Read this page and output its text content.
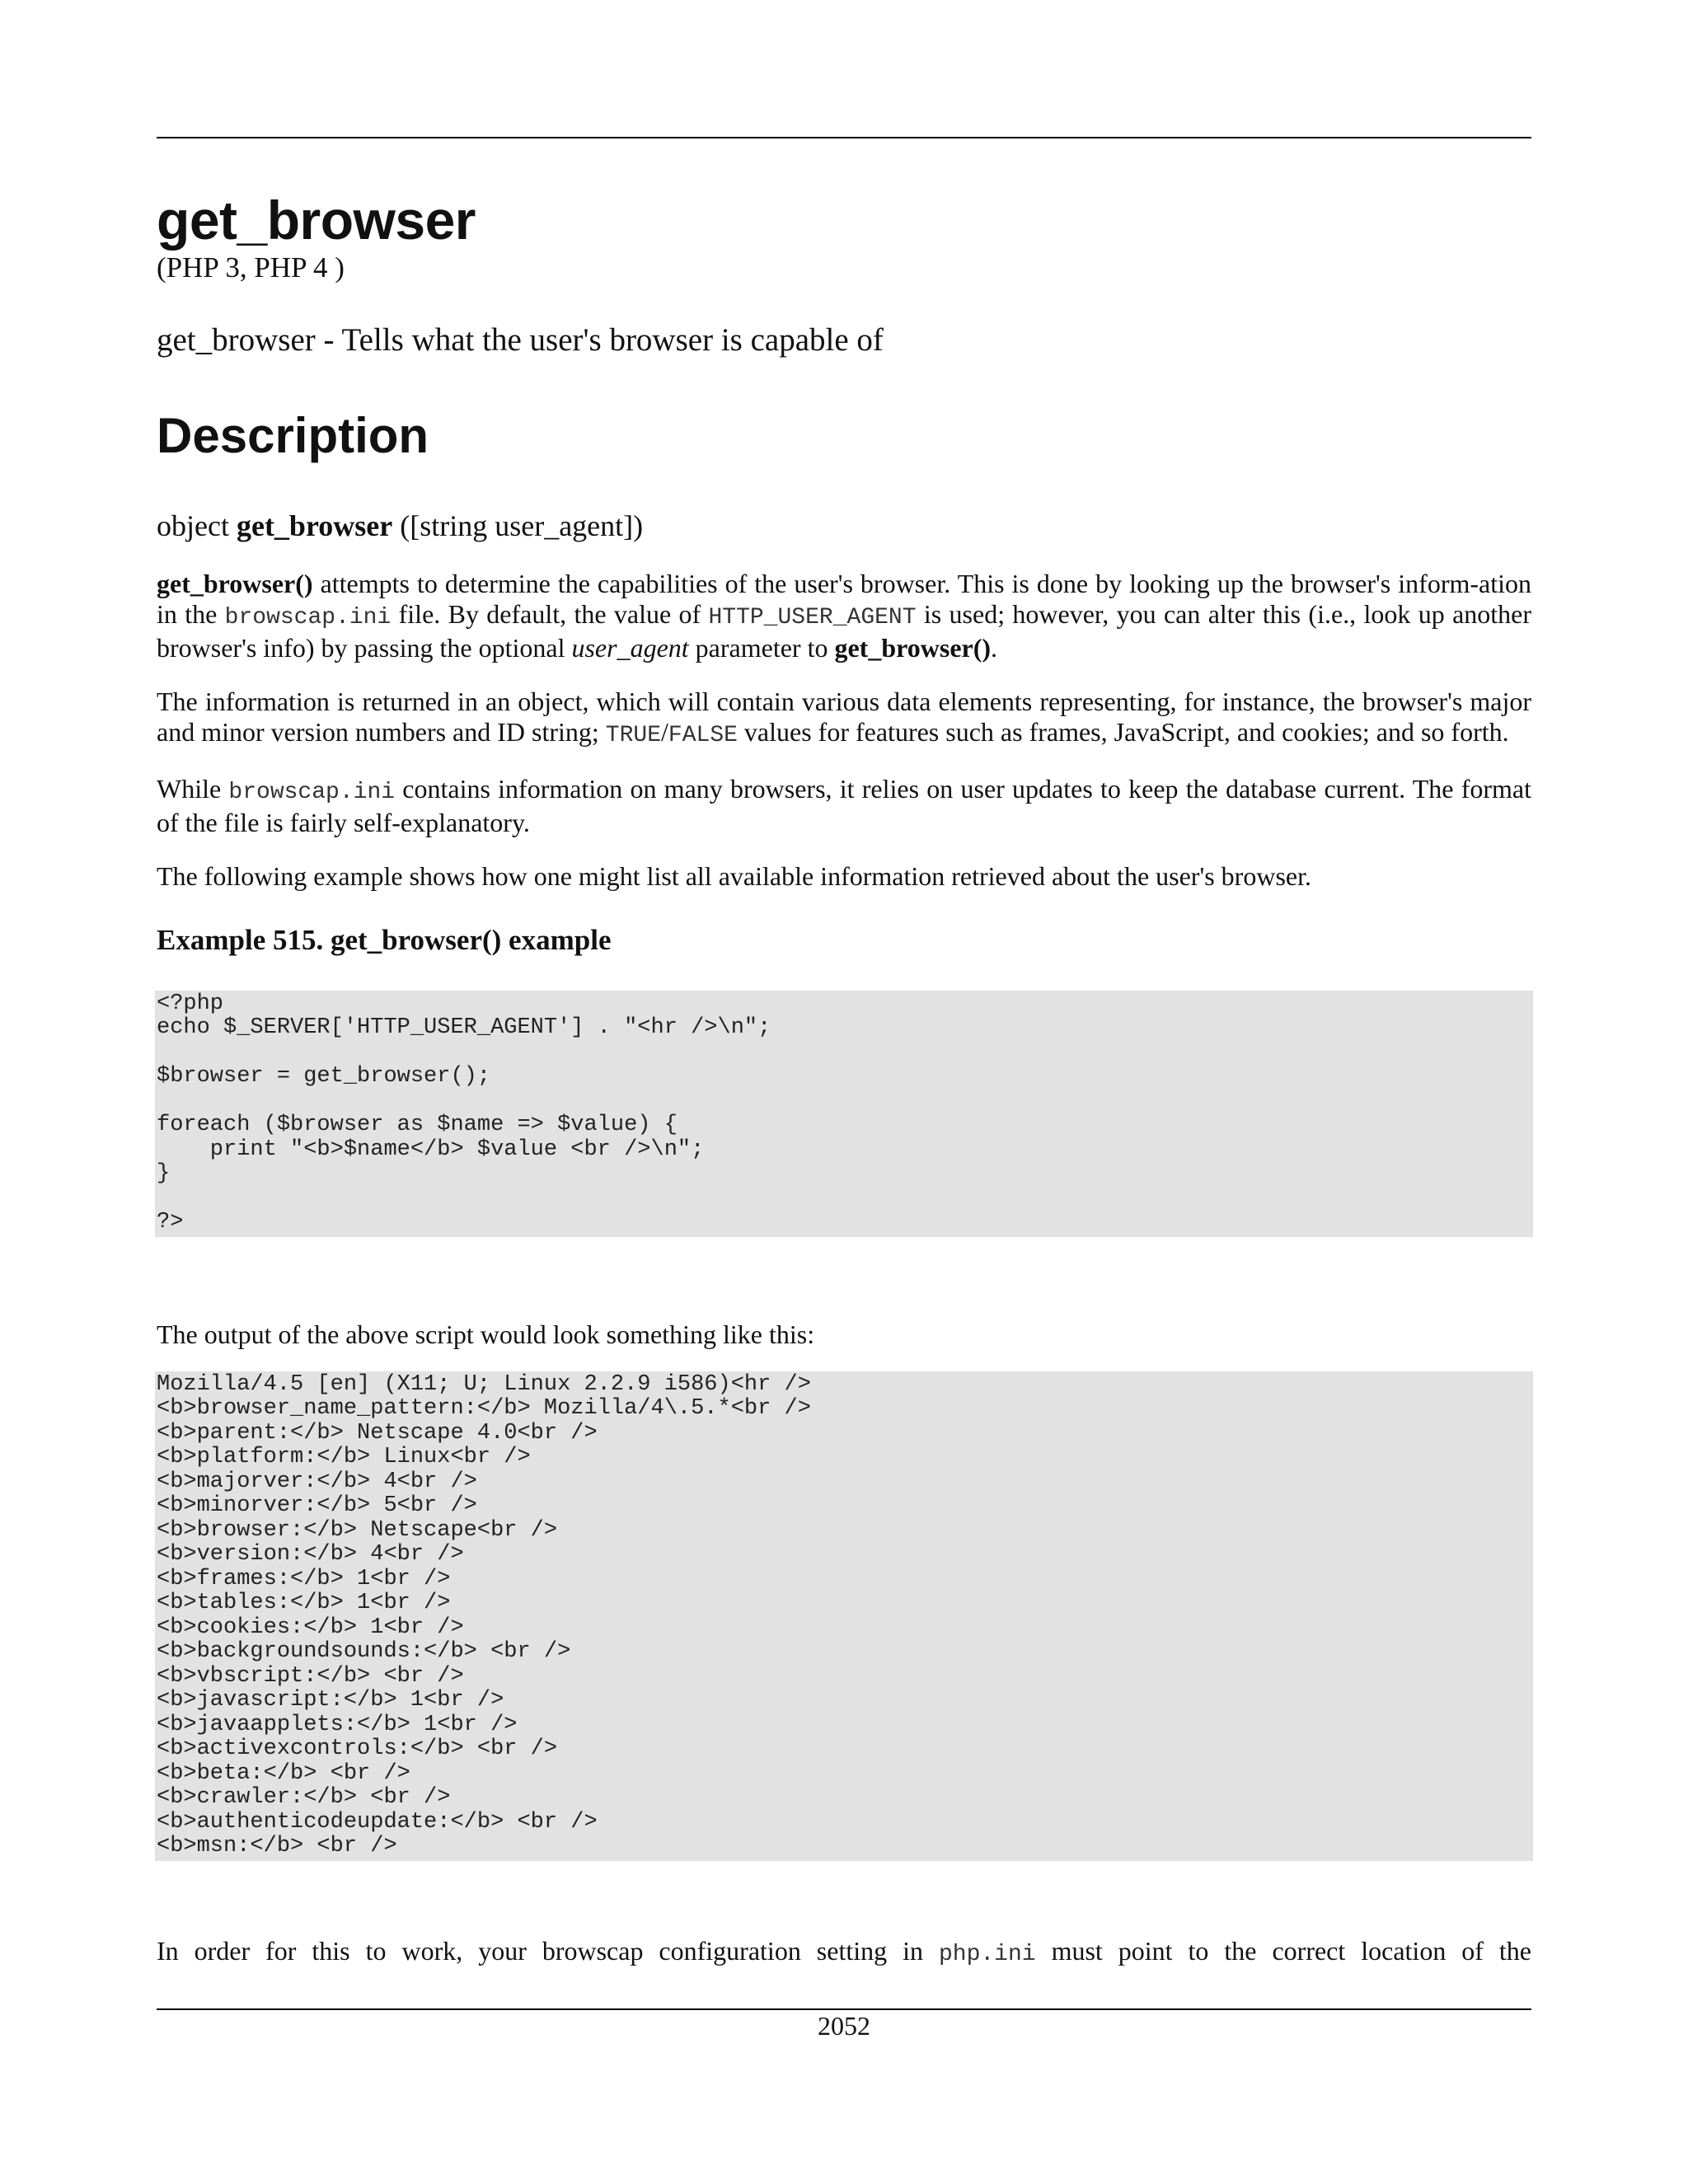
get_browser
(PHP 3, PHP 4 )
get_browser - Tells what the user's browser is capable of
Description
object get_browser ([string user_agent])

get_browser() attempts to determine the capabilities of the user's browser. This is done by looking up the browser's inform-ation in the browscap.ini file. By default, the value of HTTP_USER_AGENT is used; however, you can alter this (i.e., look up another browser's info) by passing the optional user_agent parameter to get_browser().

The information is returned in an object, which will contain various data elements representing, for instance, the browser's major and minor version numbers and ID string; TRUE/FALSE values for features such as frames, JavaScript, and cookies; and so forth.

While browscap.ini contains information on many browsers, it relies on user updates to keep the database current. The format of the file is fairly self-explanatory.

The following example shows how one might list all available information retrieved about the user's browser.

Example 515. get_browser() example
<?php
echo $_SERVER['HTTP_USER_AGENT'] . "<hr />\n";

$browser = get_browser();

foreach ($browser as $name => $value) {
print "<b>$name</b> $value <br />\n";
}

?>
The output of the above script would look something like this:
Mozilla/4.5 [en] (X11; U; Linux 2.2.9 i586)<hr />
<b>browser_name_pattern:</b> Mozilla/4\.5.*<br />
<b>parent:</b> Netscape 4.0<br />
<b>platform:</b> Linux<br />
<b>majorver:</b> 4<br />
<b>minorver:</b> 5<br />
<b>browser:</b> Netscape<br />
<b>version:</b> 4<br />
<b>frames:</b> 1<br />
<b>tables:</b> 1<br />
<b>cookies:</b> 1<br />
<b>backgroundsounds:</b> <br />
<b>vbscript:</b> <br />
<b>javascript:</b> 1<br />
<b>javaapplets:</b> 1<br />
<b>activexcontrols:</b> <br />
<b>beta:</b> <br />
<b>crawler:</b> <br />
<b>authenticodeupdate:</b> <br />
<b>msn:</b> <br />
In order for this to work, your browscap configuration setting in php.ini must point to the correct location of the
2052
